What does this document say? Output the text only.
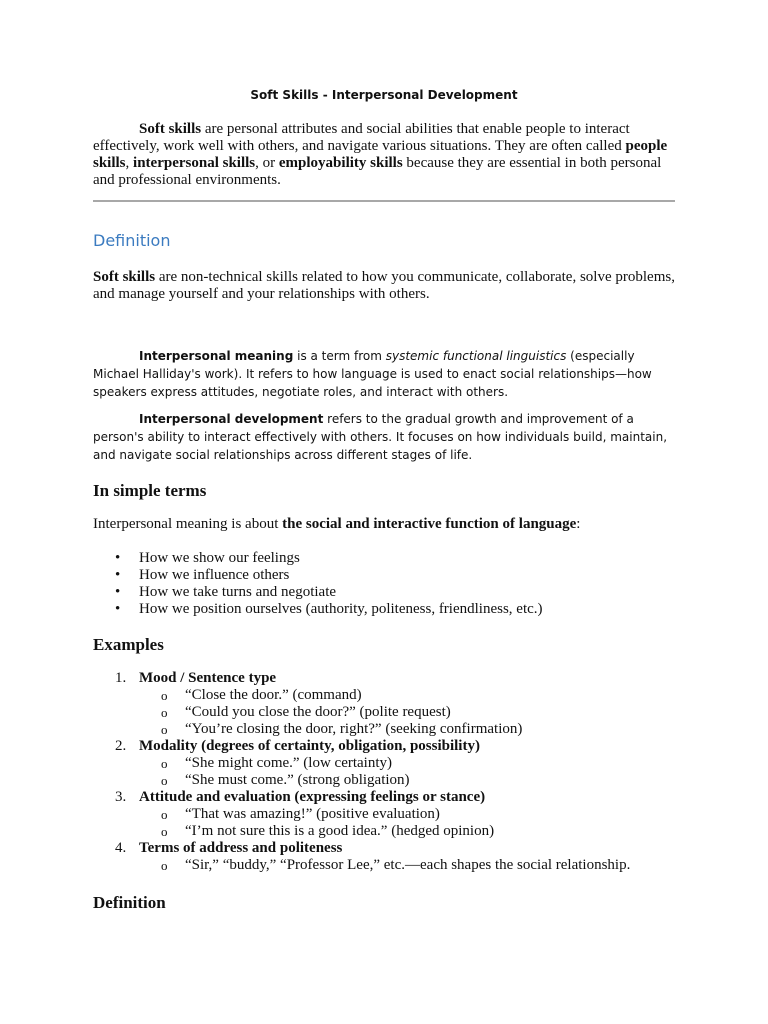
Soft Skills - Interpersonal Development

Soft skills are personal attributes and social abilities that enable people to interact effectively, work well with others, and navigate various situations. They are often called people skills, interpersonal skills, or employability skills because they are essential in both personal and professional environments.

Definition

Soft skills are non-technical skills related to how you communicate, collaborate, solve problems, and manage yourself and your relationships with others.

Interpersonal meaning is a term from systemic functional linguistics (especially Michael Halliday's work). It refers to how language is used to enact social relationships—how speakers express attitudes, negotiate roles, and interact with others.

Interpersonal development refers to the gradual growth and improvement of a person's ability to interact effectively with others. It focuses on how individuals build, maintain, and navigate social relationships across different stages of life.

In simple terms

Interpersonal meaning is about the social and interactive function of language:

• How we show our feelings
• How we influence others
• How we take turns and negotiate
• How we position ourselves (authority, politeness, friendliness, etc.)
Examples
1. Mood / Sentence type
o “Close the door.” (command)
o “Could you close the door?” (polite request)
o “You’re closing the door, right?” (seeking confirmation)
2. Modality (degrees of certainty, obligation, possibility)
o “She might come.” (low certainty)
o “She must come.” (strong obligation)
3. Attitude and evaluation (expressing feelings or stance)
o “That was amazing!” (positive evaluation)
o “I’m not sure this is a good idea.” (hedged opinion)
4. Terms of address and politeness
o “Sir,” “buddy,” “Professor Lee,” etc.—each shapes the social relationship.
Definition
